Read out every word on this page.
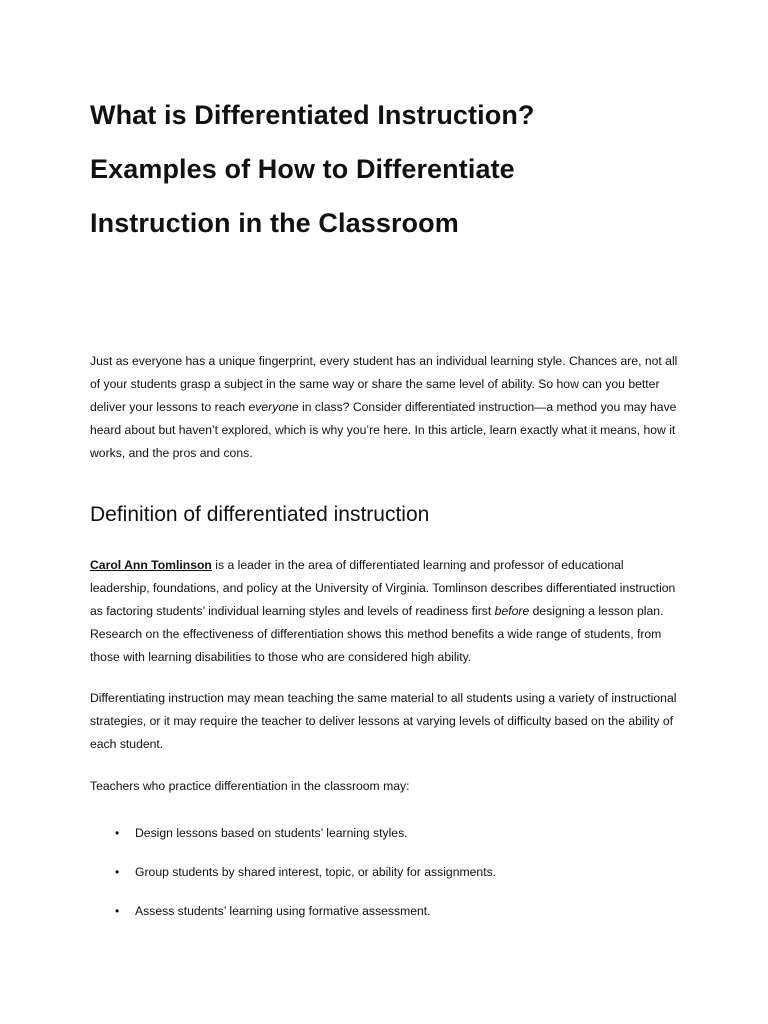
What is Differentiated Instruction?
Examples of How to Differentiate
Instruction in the Classroom

Just as everyone has a unique fingerprint, every student has an individual learning style. Chances are, not all of your students grasp a subject in the same way or share the same level of ability. So how can you better deliver your lessons to reach everyone in class? Consider differentiated instruction—a method you may have heard about but haven’t explored, which is why you’re here. In this article, learn exactly what it means, how it works, and the pros and cons.

Definition of differentiated instruction

Carol Ann Tomlinson is a leader in the area of differentiated learning and professor of educational leadership, foundations, and policy at the University of Virginia. Tomlinson describes differentiated instruction as factoring students’ individual learning styles and levels of readiness first before designing a lesson plan. Research on the effectiveness of differentiation shows this method benefits a wide range of students, from those with learning disabilities to those who are considered high ability.

Differentiating instruction may mean teaching the same material to all students using a variety of instructional strategies, or it may require the teacher to deliver lessons at varying levels of difficulty based on the ability of each student.

Teachers who practice differentiation in the classroom may:

• Design lessons based on students’ learning styles.
• Group students by shared interest, topic, or ability for assignments.
• Assess students’ learning using formative assessment.
